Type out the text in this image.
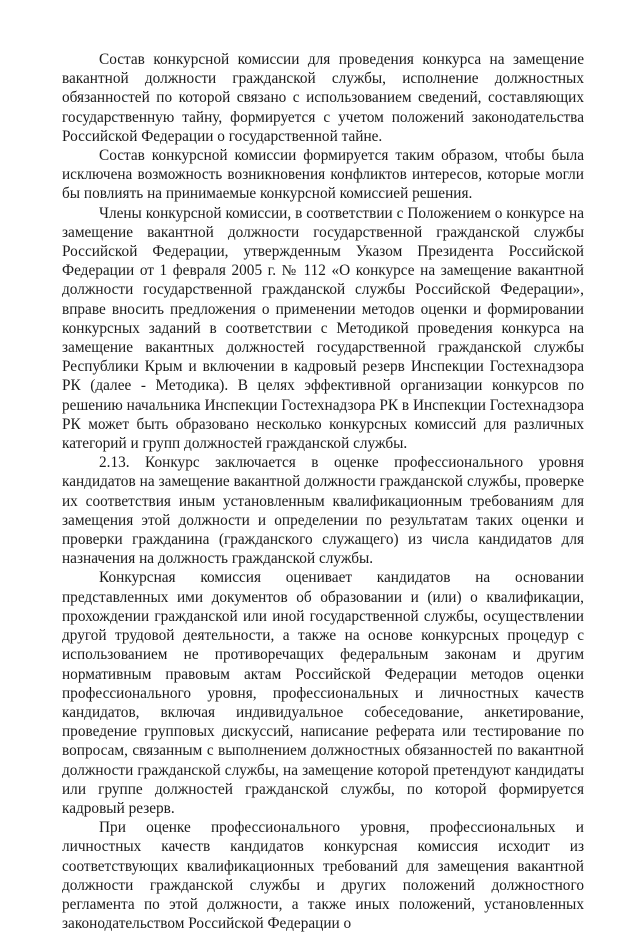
Состав конкурсной комиссии для проведения конкурса на замещение вакантной должности гражданской службы, исполнение должностных обязанностей по которой связано с использованием сведений, составляющих государственную тайну, формируется с учетом положений законодательства Российской Федерации о государственной тайне.

Состав конкурсной комиссии формируется таким образом, чтобы была исключена возможность возникновения конфликтов интересов, которые могли бы повлиять на принимаемые конкурсной комиссией решения.

Члены конкурсной комиссии, в соответствии с Положением о конкурсе на замещение вакантной должности государственной гражданской службы Российской Федерации, утвержденным Указом Президента Российской Федерации от 1 февраля 2005 г. № 112 «О конкурсе на замещение вакантной должности государственной гражданской службы Российской Федерации», вправе вносить предложения о применении методов оценки и формировании конкурсных заданий в соответствии с Методикой проведения конкурса на замещение вакантных должностей государственной гражданской службы Республики Крым и включении в кадровый резерв Инспекции Гостехнадзора РК (далее - Методика). В целях эффективной организации конкурсов по решению начальника Инспекции Гостехнадзора РК в Инспекции Гостехнадзора РК может быть образовано несколько конкурсных комиссий для различных категорий и групп должностей гражданской службы.

2.13. Конкурс заключается в оценке профессионального уровня кандидатов на замещение вакантной должности гражданской службы, проверке их соответствия иным установленным квалификационным требованиям для замещения этой должности и определении по результатам таких оценки и проверки гражданина (гражданского служащего) из числа кандидатов для назначения на должность гражданской службы.

Конкурсная комиссия оценивает кандидатов на основании представленных ими документов об образовании и (или) о квалификации, прохождении гражданской или иной государственной службы, осуществлении другой трудовой деятельности, а также на основе конкурсных процедур с использованием не противоречащих федеральным законам и другим нормативным правовым актам Российской Федерации методов оценки профессионального уровня, профессиональных и личностных качеств кандидатов, включая индивидуальное собеседование, анкетирование, проведение групповых дискуссий, написание реферата или тестирование по вопросам, связанным с выполнением должностных обязанностей по вакантной должности гражданской службы, на замещение которой претендуют кандидаты или группе должностей гражданской службы, по которой формируется кадровый резерв.

При оценке профессионального уровня, профессиональных и личностных качеств кандидатов конкурсная комиссия исходит из соответствующих квалификационных требований для замещения вакантной должности гражданской службы и других положений должностного регламента по этой должности, а также иных положений, установленных законодательством Российской Федерации о
